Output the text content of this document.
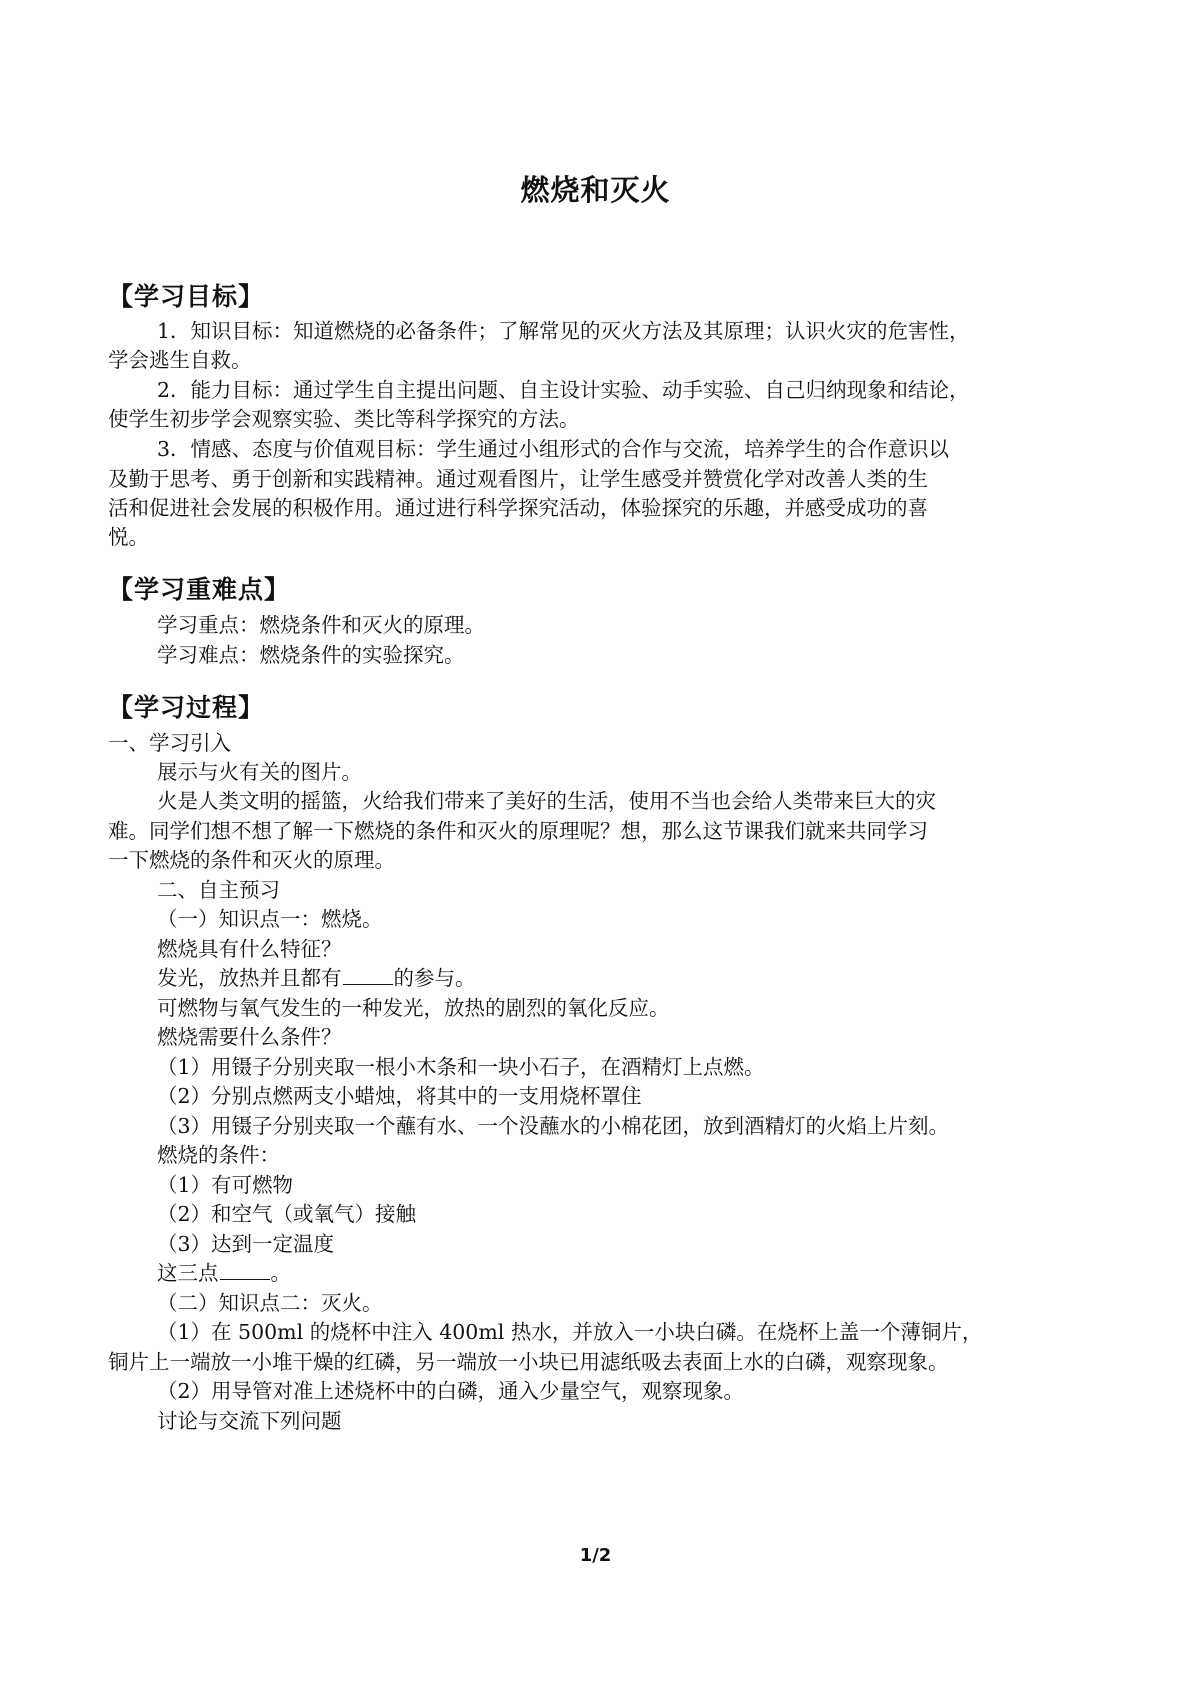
燃烧和灭火
【学习目标】
1．知识目标：知道燃烧的必备条件；了解常见的灭火方法及其原理；认识火灾的危害性，
学会逃生自救。
2．能力目标：通过学生自主提出问题、自主设计实验、动手实验、自己归纳现象和结论，
使学生初步学会观察实验、类比等科学探究的方法。
3．情感、态度与价值观目标：学生通过小组形式的合作与交流，培养学生的合作意识以
及勤于思考、勇于创新和实践精神。通过观看图片，让学生感受并赞赏化学对改善人类的生
活和促进社会发展的积极作用。通过进行科学探究活动，体验探究的乐趣，并感受成功的喜
悦。
【学习重难点】
学习重点：燃烧条件和灭火的原理。
学习难点：燃烧条件的实验探究。
【学习过程】
一、学习引入
展示与火有关的图片。
火是人类文明的摇篮，火给我们带来了美好的生活，使用不当也会给人类带来巨大的灾
难。同学们想不想了解一下燃烧的条件和灭火的原理呢？想，那么这节课我们就来共同学习
一下燃烧的条件和灭火的原理。
二、自主预习
（一）知识点一：燃烧。
燃烧具有什么特征？
发光，放热并且都有	的参与。
可燃物与氧气发生的一种发光，放热的剧烈的氧化反应。
燃烧需要什么条件？
（1）用镊子分别夹取一根小木条和一块小石子，在酒精灯上点燃。
（2）分别点燃两支小蜡烛，将其中的一支用烧杯罩住
（3）用镊子分别夹取一个蘸有水、一个没蘸水的小棉花团，放到酒精灯的火焰上片刻。
燃烧的条件：
（1）有可燃物
（2）和空气（或氧气）接触
（3）达到一定温度
这三点	。
（二）知识点二：灭火。
（1）在 500ml 的烧杯中注入 400ml 热水，并放入一小块白磷。在烧杯上盖一个薄铜片，
铜片上一端放一小堆干燥的红磷，另一端放一小块已用滤纸吸去表面上水的白磷，观察现象。
（2）用导管对准上述烧杯中的白磷，通入少量空气，观察现象。
讨论与交流下列问题
1/2
